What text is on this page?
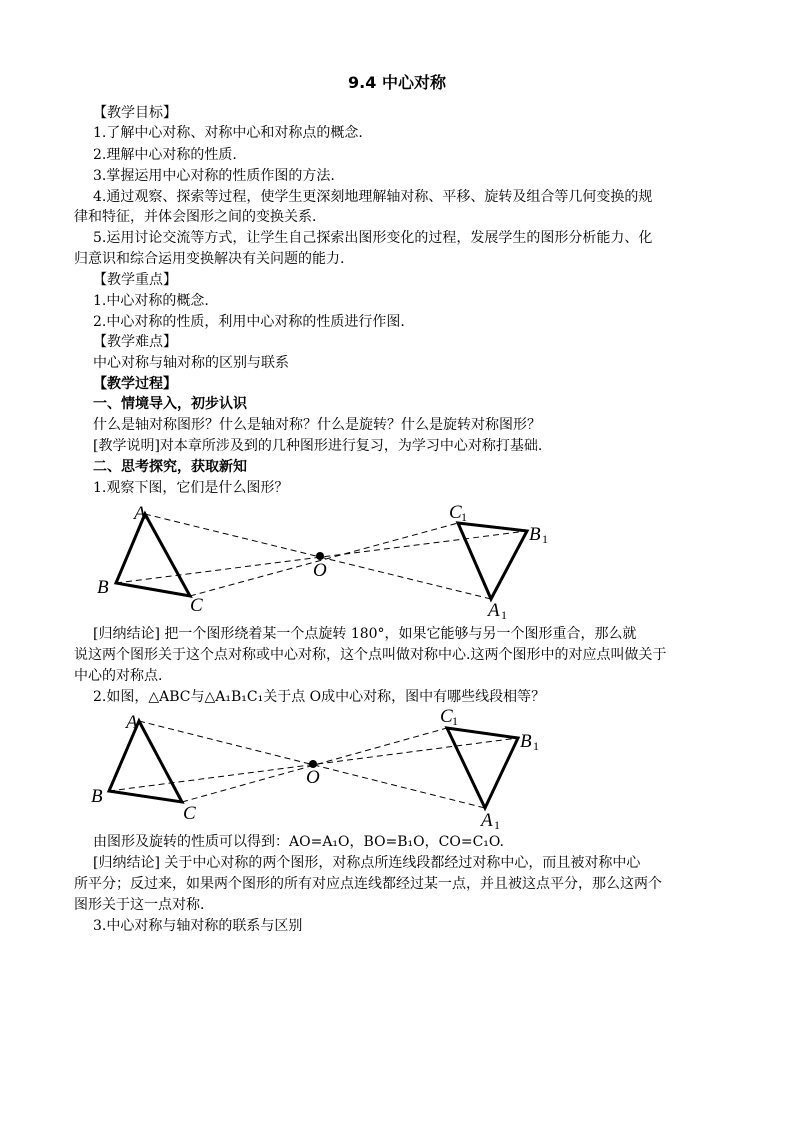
9.4 中心对称
【教学目标】
1.了解中心对称、对称中心和对称点的概念.
2.理解中心对称的性质.
3.掌握运用中心对称的性质作图的方法.
4.通过观察、探索等过程，使学生更深刻地理解轴对称、平移、旋转及组合等几何变换的规
律和特征，并体会图形之间的变换关系.
5.运用讨论交流等方式，让学生自己探索出图形变化的过程，发展学生的图形分析能力、化
归意识和综合运用变换解决有关问题的能力.
【教学重点】
1.中心对称的概念.
2.中心对称的性质，利用中心对称的性质进行作图.
【教学难点】
中心对称与轴对称的区别与联系
【教学过程】
一、情境导入，初步认识
什么是轴对称图形？什么是轴对称？什么是旋转？什么是旋转对称图形？
[教学说明]对本章所涉及到的几种图形进行复习，为学习中心对称打基础.
二、思考探究，获取新知
1.观察下图，它们是什么图形？
A
B
C
O
C 1
B 1
A 1
[归纳结论] 把一个图形绕着某一个点旋转 180°，如果它能够与另一个图形重合，那么就
说这两个图形关于这个点对称或中心对称，这个点叫做对称中心.这两个图形中的对应点叫做关于
中心的对称点.
2.如图，△ABC与△A₁B₁C₁关于点 O成中心对称，图中有哪些线段相等？
A
B
C
O
C 1
B 1
A 1
由图形及旋转的性质可以得到：AO=A₁O，BO=B₁O，CO=C₁O.
[归纳结论] 关于中心对称的两个图形，对称点所连线段都经过对称中心，而且被对称中心
所平分；反过来，如果两个图形的所有对应点连线都经过某一点，并且被这点平分，那么这两个
图形关于这一点对称.
3.中心对称与轴对称的联系与区别
